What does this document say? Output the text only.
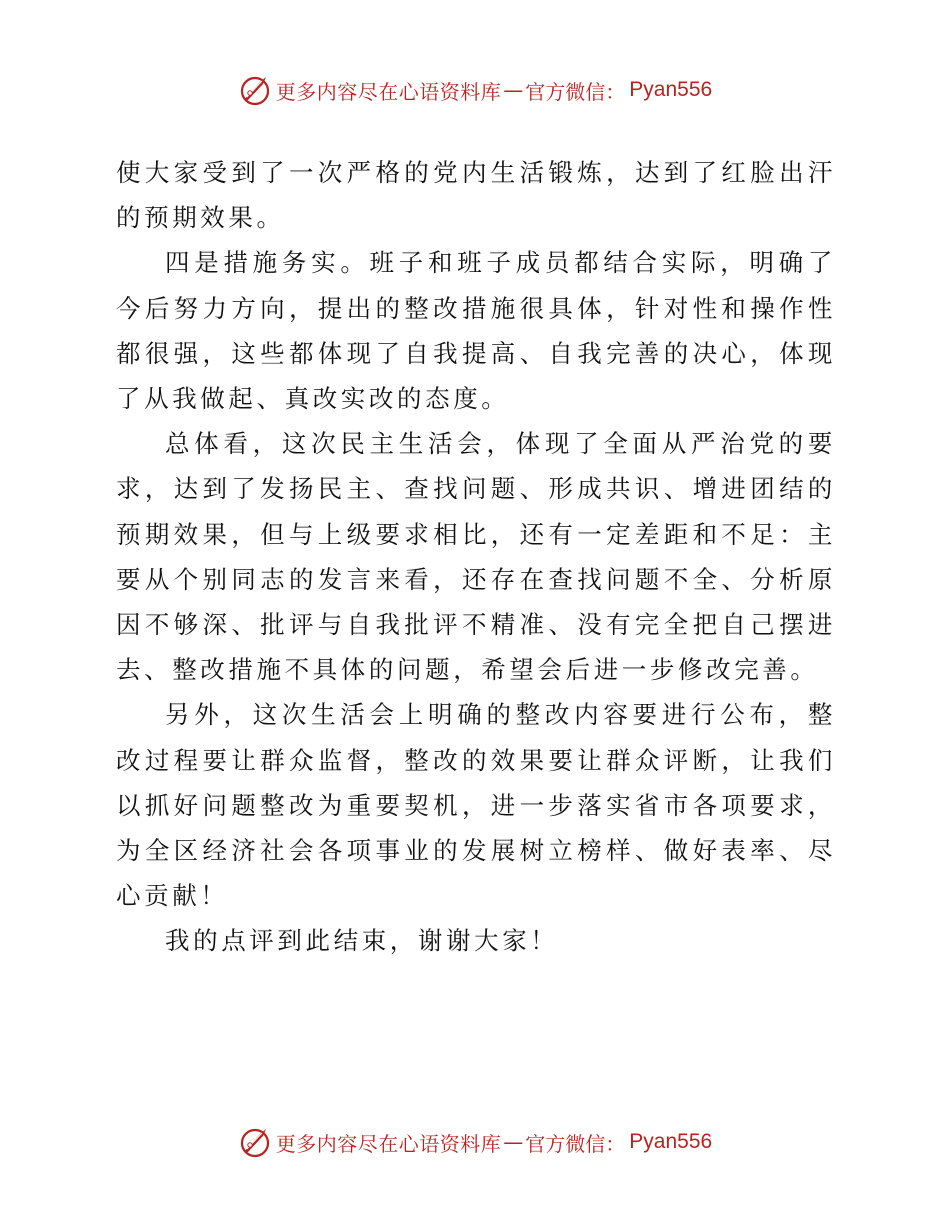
更多内容尽在心语资料库 — 官方微信： Pyan556

使大家受到了一次严格的党内生活锻炼，达到了红脸出汗的预期效果。

四是措施务实。班子和班子成员都结合实际，明确了今后努力方向，提出的整改措施很具体，针对性和操作性都很强，这些都体现了自我提高、自我完善的决心，体现了从我做起、真改实改的态度。

总体看，这次民主生活会，体现了全面从严治党的要求，达到了发扬民主、查找问题、形成共识、增进团结的预期效果，但与上级要求相比，还有一定差距和不足：主要从个别同志的发言来看，还存在查找问题不全、分析原因不够深、批评与自我批评不精准、没有完全把自己摆进去、整改措施不具体的问题，希望会后进一步修改完善。

另外，这次生活会上明确的整改内容要进行公布，整改过程要让群众监督，整改的效果要让群众评断，让我们以抓好问题整改为重要契机，进一步落实省市各项要求，为全区经济社会各项事业的发展树立榜样、做好表率、尽心贡献！

我的点评到此结束，谢谢大家！

更多内容尽在心语资料库 — 官方微信： Pyan556
